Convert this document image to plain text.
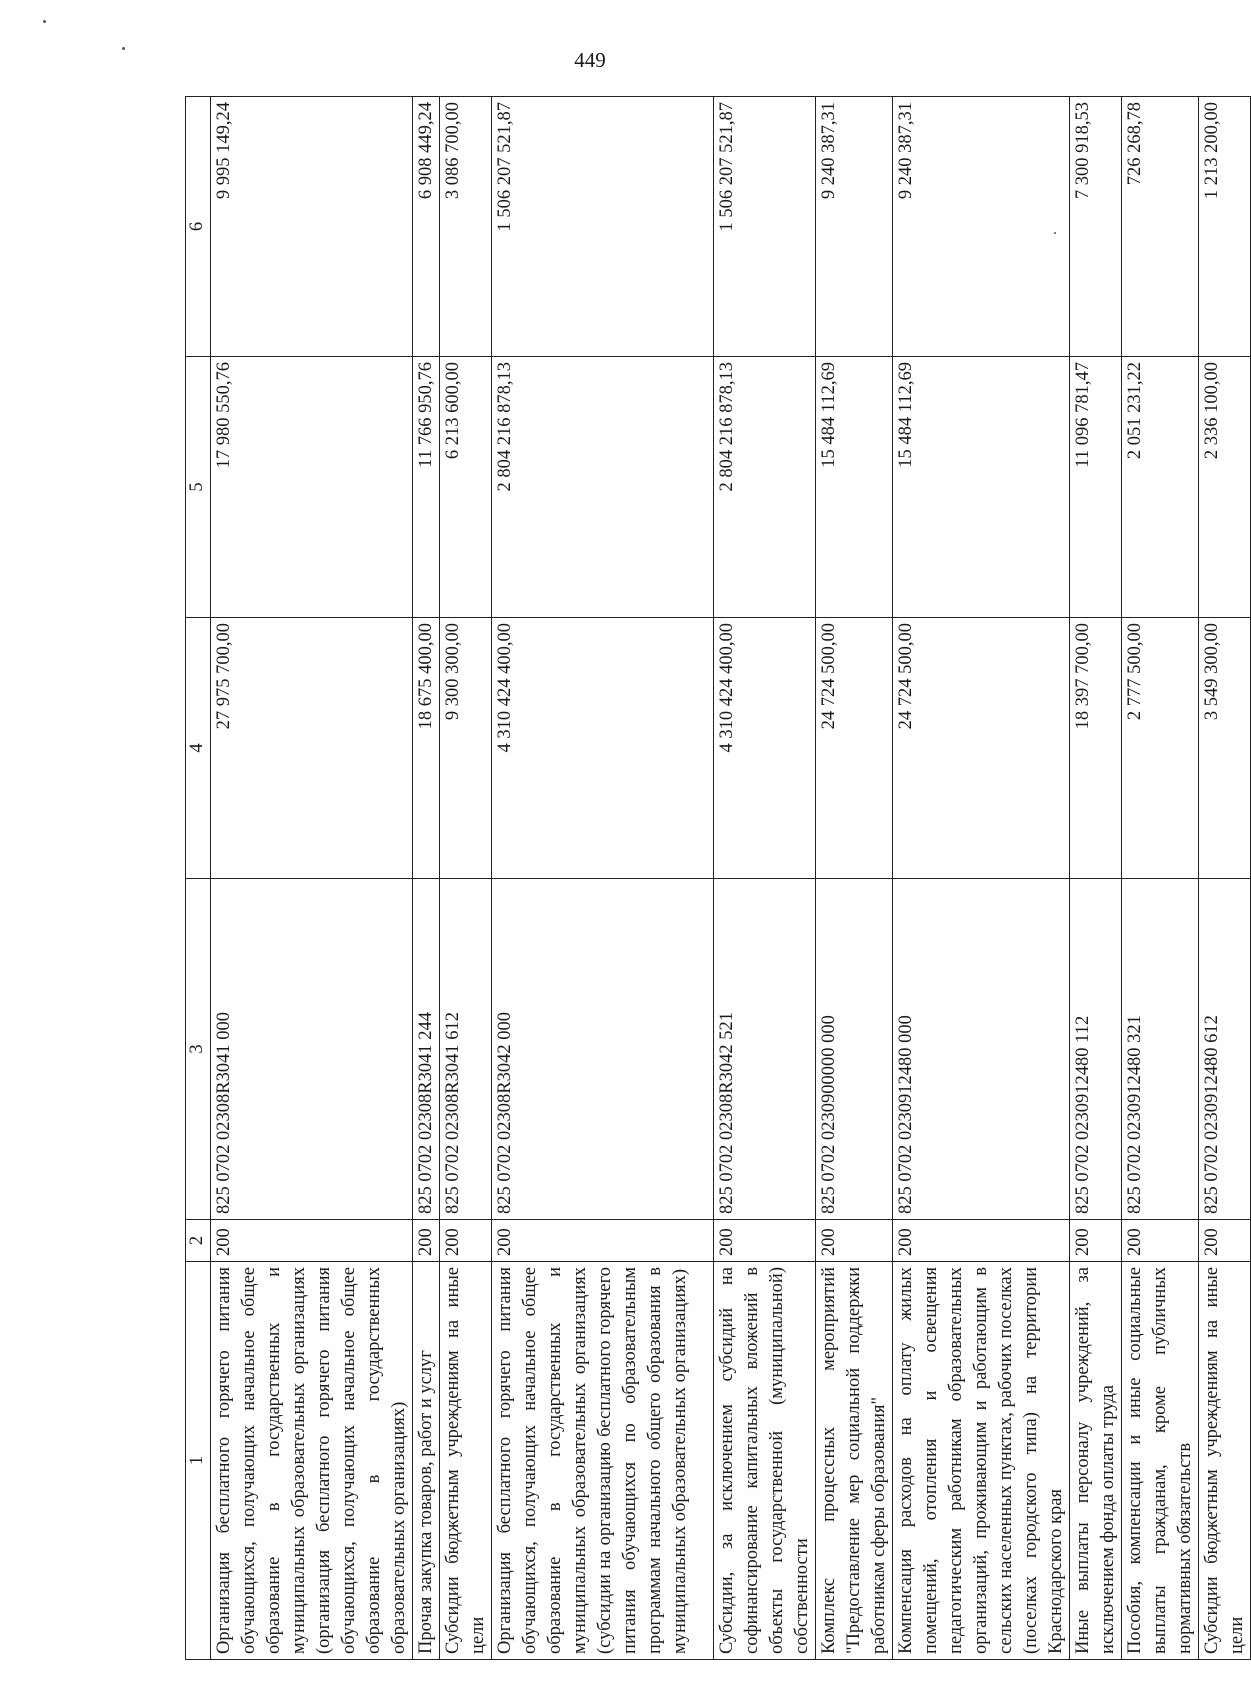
449
1	2	3	4	5	6
Организация бесплатного горячего питания обучающихся, получающих начальное общее образование в государственных и муниципальных образовательных организациях (организация бесплатного горячего питания обучающихся, получающих начальное общее образование в государственных образовательных организациях)	200	825 0702 02308R3041 000	27 975 700,00	17 980 550,76	9 995 149,24
Прочая закупка товаров, работ и услуг	200	825 0702 02308R3041 244	18 675 400,00	11 766 950,76	6 908 449,24
Субсидии бюджетным учреждениям на иные цели	200	825 0702 02308R3041 612	9 300 300,00	6 213 600,00	3 086 700,00
Организация бесплатного горячего питания обучающихся, получающих начальное общее образование в государственных и муниципальных образовательных организациях (субсидии на организацию бесплатного горячего питания обучающихся по образовательным программам начального общего образования в муниципальных образовательных организациях)	200	825 0702 02308R3042 000	4 310 424 400,00	2 804 216 878,13	1 506 207 521,87
Субсидии, за исключением субсидий на софинансирование капитальных вложений в объекты государственной (муниципальной) собственности	200	825 0702 02308R3042 521	4 310 424 400,00	2 804 216 878,13	1 506 207 521,87
Комплекс процессных мероприятий "Предоставление мер социальной поддержки работникам сферы образования"	200	825 0702 0230900000 000	24 724 500,00	15 484 112,69	9 240 387,31
Компенсация расходов на оплату жилых помещений, отопления и освещения педагогическим работникам образовательных организаций, проживающим и работающим в сельских населенных пунктах, рабочих поселках (поселках городского типа) на территории Краснодарского края	200	825 0702 0230912480 000	24 724 500,00	15 484 112,69	9 240 387,31
Иные выплаты персоналу учреждений, за исключением фонда оплаты труда	200	825 0702 0230912480 112	18 397 700,00	11 096 781,47	7 300 918,53
Пособия, компенсации и иные социальные выплаты гражданам, кроме публичных нормативных обязательств	200	825 0702 0230912480 321	2 777 500,00	2 051 231,22	726 268,78
Субсидии бюджетным учреждениям на иные цели	200	825 0702 0230912480 612	3 549 300,00	2 336 100,00	1 213 200,00
